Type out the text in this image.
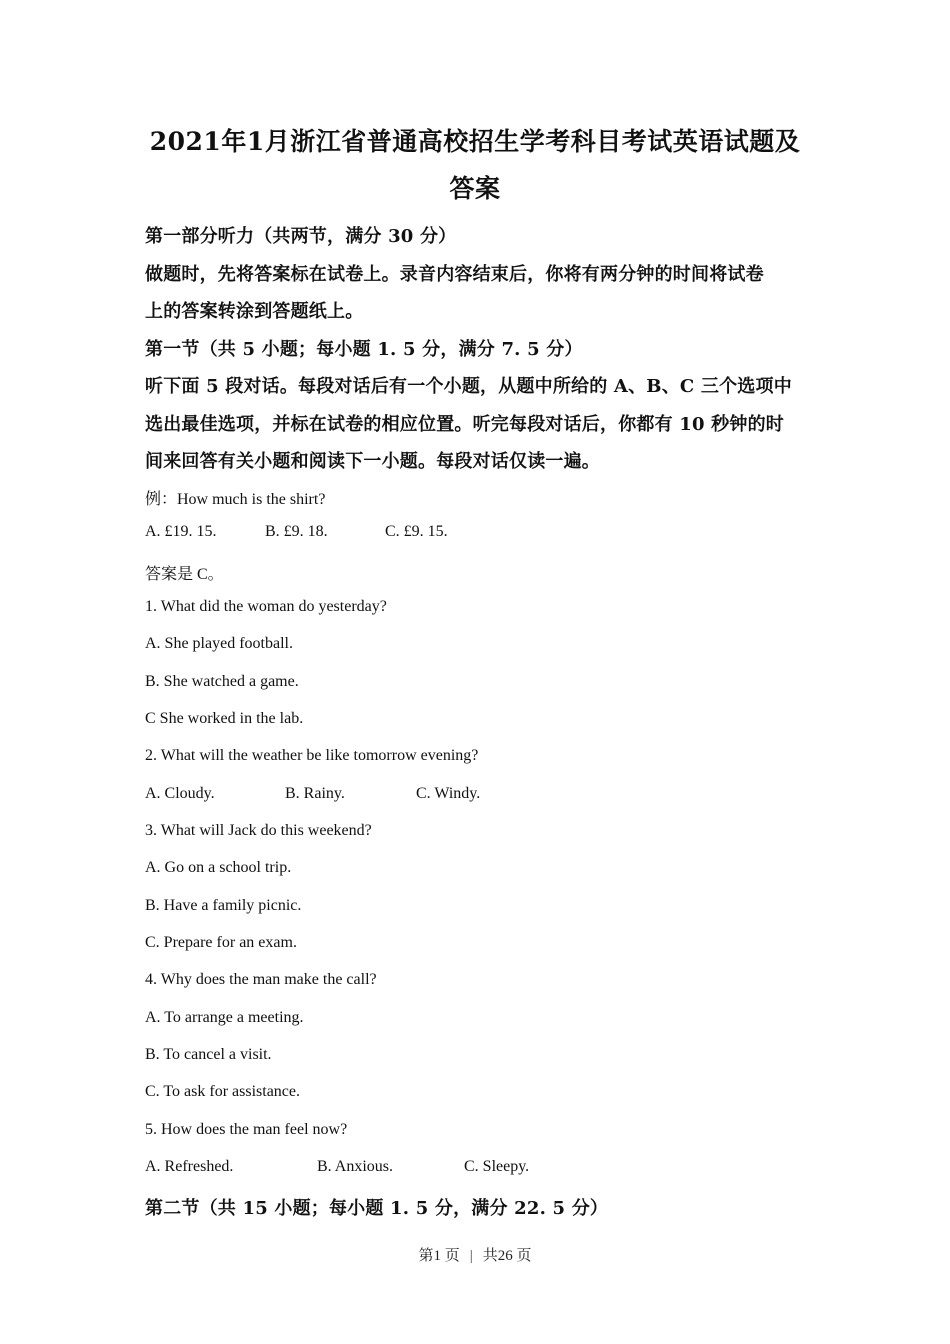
2021年1月浙江省普通高校招生学考科目考试英语试题及
答案
第一部分听力（共两节，满分 30 分）
做题时，先将答案标在试卷上。录音内容结束后，你将有两分钟的时间将试卷
上的答案转涂到答题纸上。
第一节（共 5 小题；每小题 1. 5 分，满分 7. 5 分）
听下面 5 段对话。每段对话后有一个小题，从题中所给的 A、B、C 三个选项中
选出最佳选项，并标在试卷的相应位置。听完每段对话后，你都有 10 秒钟的时
间来回答有关小题和阅读下一小题。每段对话仅读一遍。
例：How much is the shirt?
A. £19. 15.	B. £9. 18.	C. £9. 15.
答案是 C。
1. What did the woman do yesterday?
A. She played football.
B. She watched a game.
C She worked in the lab.
2. What will the weather be like tomorrow evening?
A. Cloudy.	B. Rainy.	C. Windy.
3. What will Jack do this weekend?
A. Go on a school trip.
B. Have a family picnic.
C. Prepare for an exam.
4. Why does the man make the call?
A. To arrange a meeting.
B. To cancel a visit.
C. To ask for assistance.
5. How does the man feel now?
A. Refreshed.	B. Anxious.	C. Sleepy.
第二节（共 15 小题；每小题 1. 5 分，满分 22. 5 分）
第1 页 | 共26 页
